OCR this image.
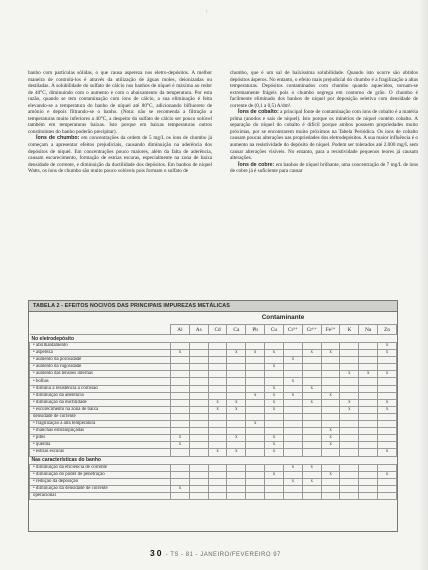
\

banho com partículas sólidas, o que causa aspereza nos eletro-depósitos. A melhor maneira de controlá-los é através da utilização de águas moles, deionizadas ou destiladas. A solubilidade do sulfato de cálcio nos banhos de níquel é máxima ao redor de 40°C, diminuindo com o aumento e com o abaixamento da temperatura. Por esta razão, quando se tem contaminação com íons de cálcio, a sua eliminação é feita elevando-se a temperatura do banho de níquel até 80°C, adicionando bifluoreto de amônio e depois filtrando-se o banho. (Nota: não se recomenda a filtração a temperaturas muito inferiores a 40°C, a despeito do sulfato de cálcio ser pouco solúvel também em temperaturas baixas. Isto porque em baixas temperaturas outros constituintes do banho poderão precipitar).

Íons de chumbo: em concentrações da ordem de 5 mg/L os íons de chumbo já começam a apresentar efeitos prejudiciais, causando diminuição na aderência dos depósitos de níquel. Em concentrações pouco maiores, além da falta de aderência, causam escurecimento, formação de estrias escuras, especialmente na zona de baixa densidade de corrente, e diminuição da ductilidade dos depósitos. Em banhos de níquel Watts, os íons de chumbo são muito pouco solúveis pois formam o sulfato de

chumbo, que é um sal de baixíssima solubilidade. Quando isto ocorre são obtidos depósitos ásperos. No entanto, o efeito mais prejudicial do chumbo é a fragilização a altas temperaturas. Depósitos contaminados com chumbo quando aquecidos, tornam-se extremamente frágeis pois o chumbo segrega em contorno de grão. O chumbo é facilmente eliminado dos banhos de níquel por deposição seletiva com densidade de corrente de (0,1 a 0,5) A/dm².

Íons de cobalto: a principal fonte de contaminação com íons de cobalto é a matéria prima (anodos e sais de níquel). Isto porque os minérios de níquel contém cobalto. A separação do níquel do cobalto é difícil porque ambos possuem propriedades muito próximas, por se encontrarem muito próximos na Tabela Periódica. Os íons de cobalto causam poucas alterações nas propriedades dos eletrodepósitos. A sua maior influência é o aumento na resistividade do depósito de níquel. Podem ser tolerados até 2.000 mg/L sem causar alterações visíveis. No entanto, para a resistividade pequenos teores já causam alterações.

Íons de cobre: em banhos de níquel brilhante, uma concentração de 7 mg/L de íons de cobre já é suficiente para causar

TABELA 2 - EFEITOS NOCIVOS DAS PRINCIPAIS IMPUREZAS METÁLICAS
Contaminante
	Al	As	Cd	Ca	Pb	Cu	Cr³⁺	Cr⁶⁺	Fe²⁺	K	Na	Zn
No eletrodepósito												
• abrilhantamento												x
• aspereza	x			x	x	x		x	x			x
• aumento da porosidade							x					
• aumento da rugosidade						x						
• aumento das tensões internas										x	x	x
• bolhas							x					
• diminui a resistência à corrosão						x		x				
• diminuição da aderência					x	x	x		x			
• diminuição da ductilidade			x	x		x		x		x		x
• escurecimento na zona de baixa			x	x		x				x		x
densidade de corrente												
• fragilização a alta temperatura					x							
• manchas esbranquiçadas									x			
• pites	x			x		x			x			
• queima	x					x			x			
• estrias escuras			x	x		x						x
Nas características do banho												
• diminuição da eficiência de corrente							x	x				
• diminuição do poder de penetração						x			x			x
• redução da deposição							x	x				
• diminuição da densidade de corrente	x											
operacional												
30 - TS - 81 - JANEIRO/FEVEREIRO 97
